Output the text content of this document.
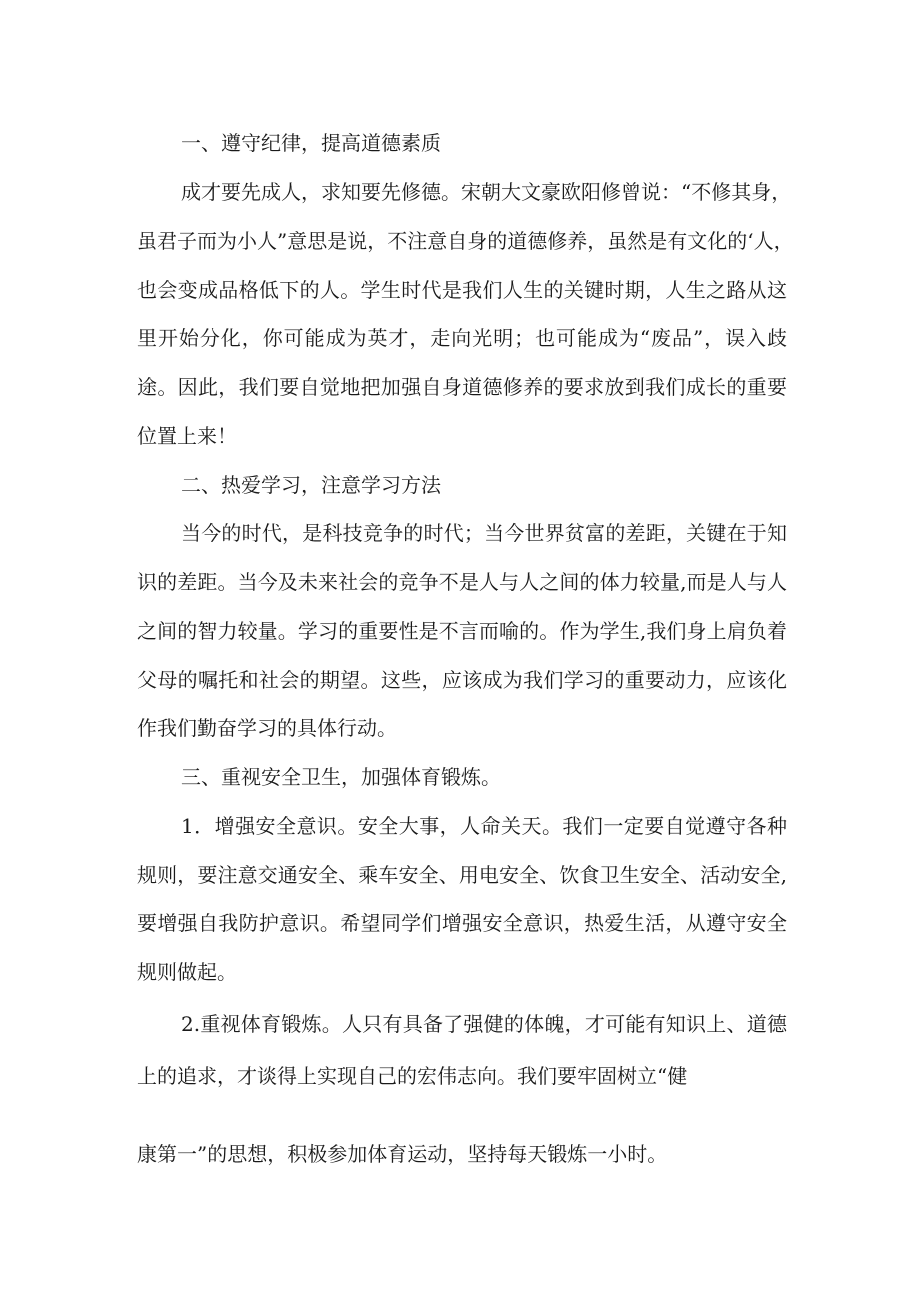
一、遵守纪律，提高道德素质
成才要先成人，求知要先修德。宋朝大文豪欧阳修曾说：“不修其身，
虽君子而为小人”意思是说，不注意自身的道德修养，虽然是有文化的‘人，
也会变成品格低下的人。学生时代是我们人生的关键时期，人生之路从这
里开始分化，你可能成为英才，走向光明；也可能成为“废品”，误入歧
途。因此，我们要自觉地把加强自身道德修养的要求放到我们成长的重要
位置上来！
二、热爱学习，注意学习方法
当今的时代，是科技竞争的时代；当今世界贫富的差距，关键在于知
识的差距。当今及未来社会的竞争不是人与人之间的体力较量,而是人与人
之间的智力较量。学习的重要性是不言而喻的。作为学生,我们身上肩负着
父母的嘱托和社会的期望。这些，应该成为我们学习的重要动力，应该化
作我们勤奋学习的具体行动。
三、重视安全卫生，加强体育锻炼。
1．增强安全意识。安全大事，人命关天。我们一定要自觉遵守各种
规则，要注意交通安全、乘车安全、用电安全、饮食卫生安全、活动安全,
要增强自我防护意识。希望同学们增强安全意识，热爱生活，从遵守安全
规则做起。
2.重视体育锻炼。人只有具备了强健的体魄，才可能有知识上、道德
上的追求，才谈得上实现自己的宏伟志向。我们要牢固树立“健
康第一”的思想，积极参加体育运动，坚持每天锻炼一小时。
